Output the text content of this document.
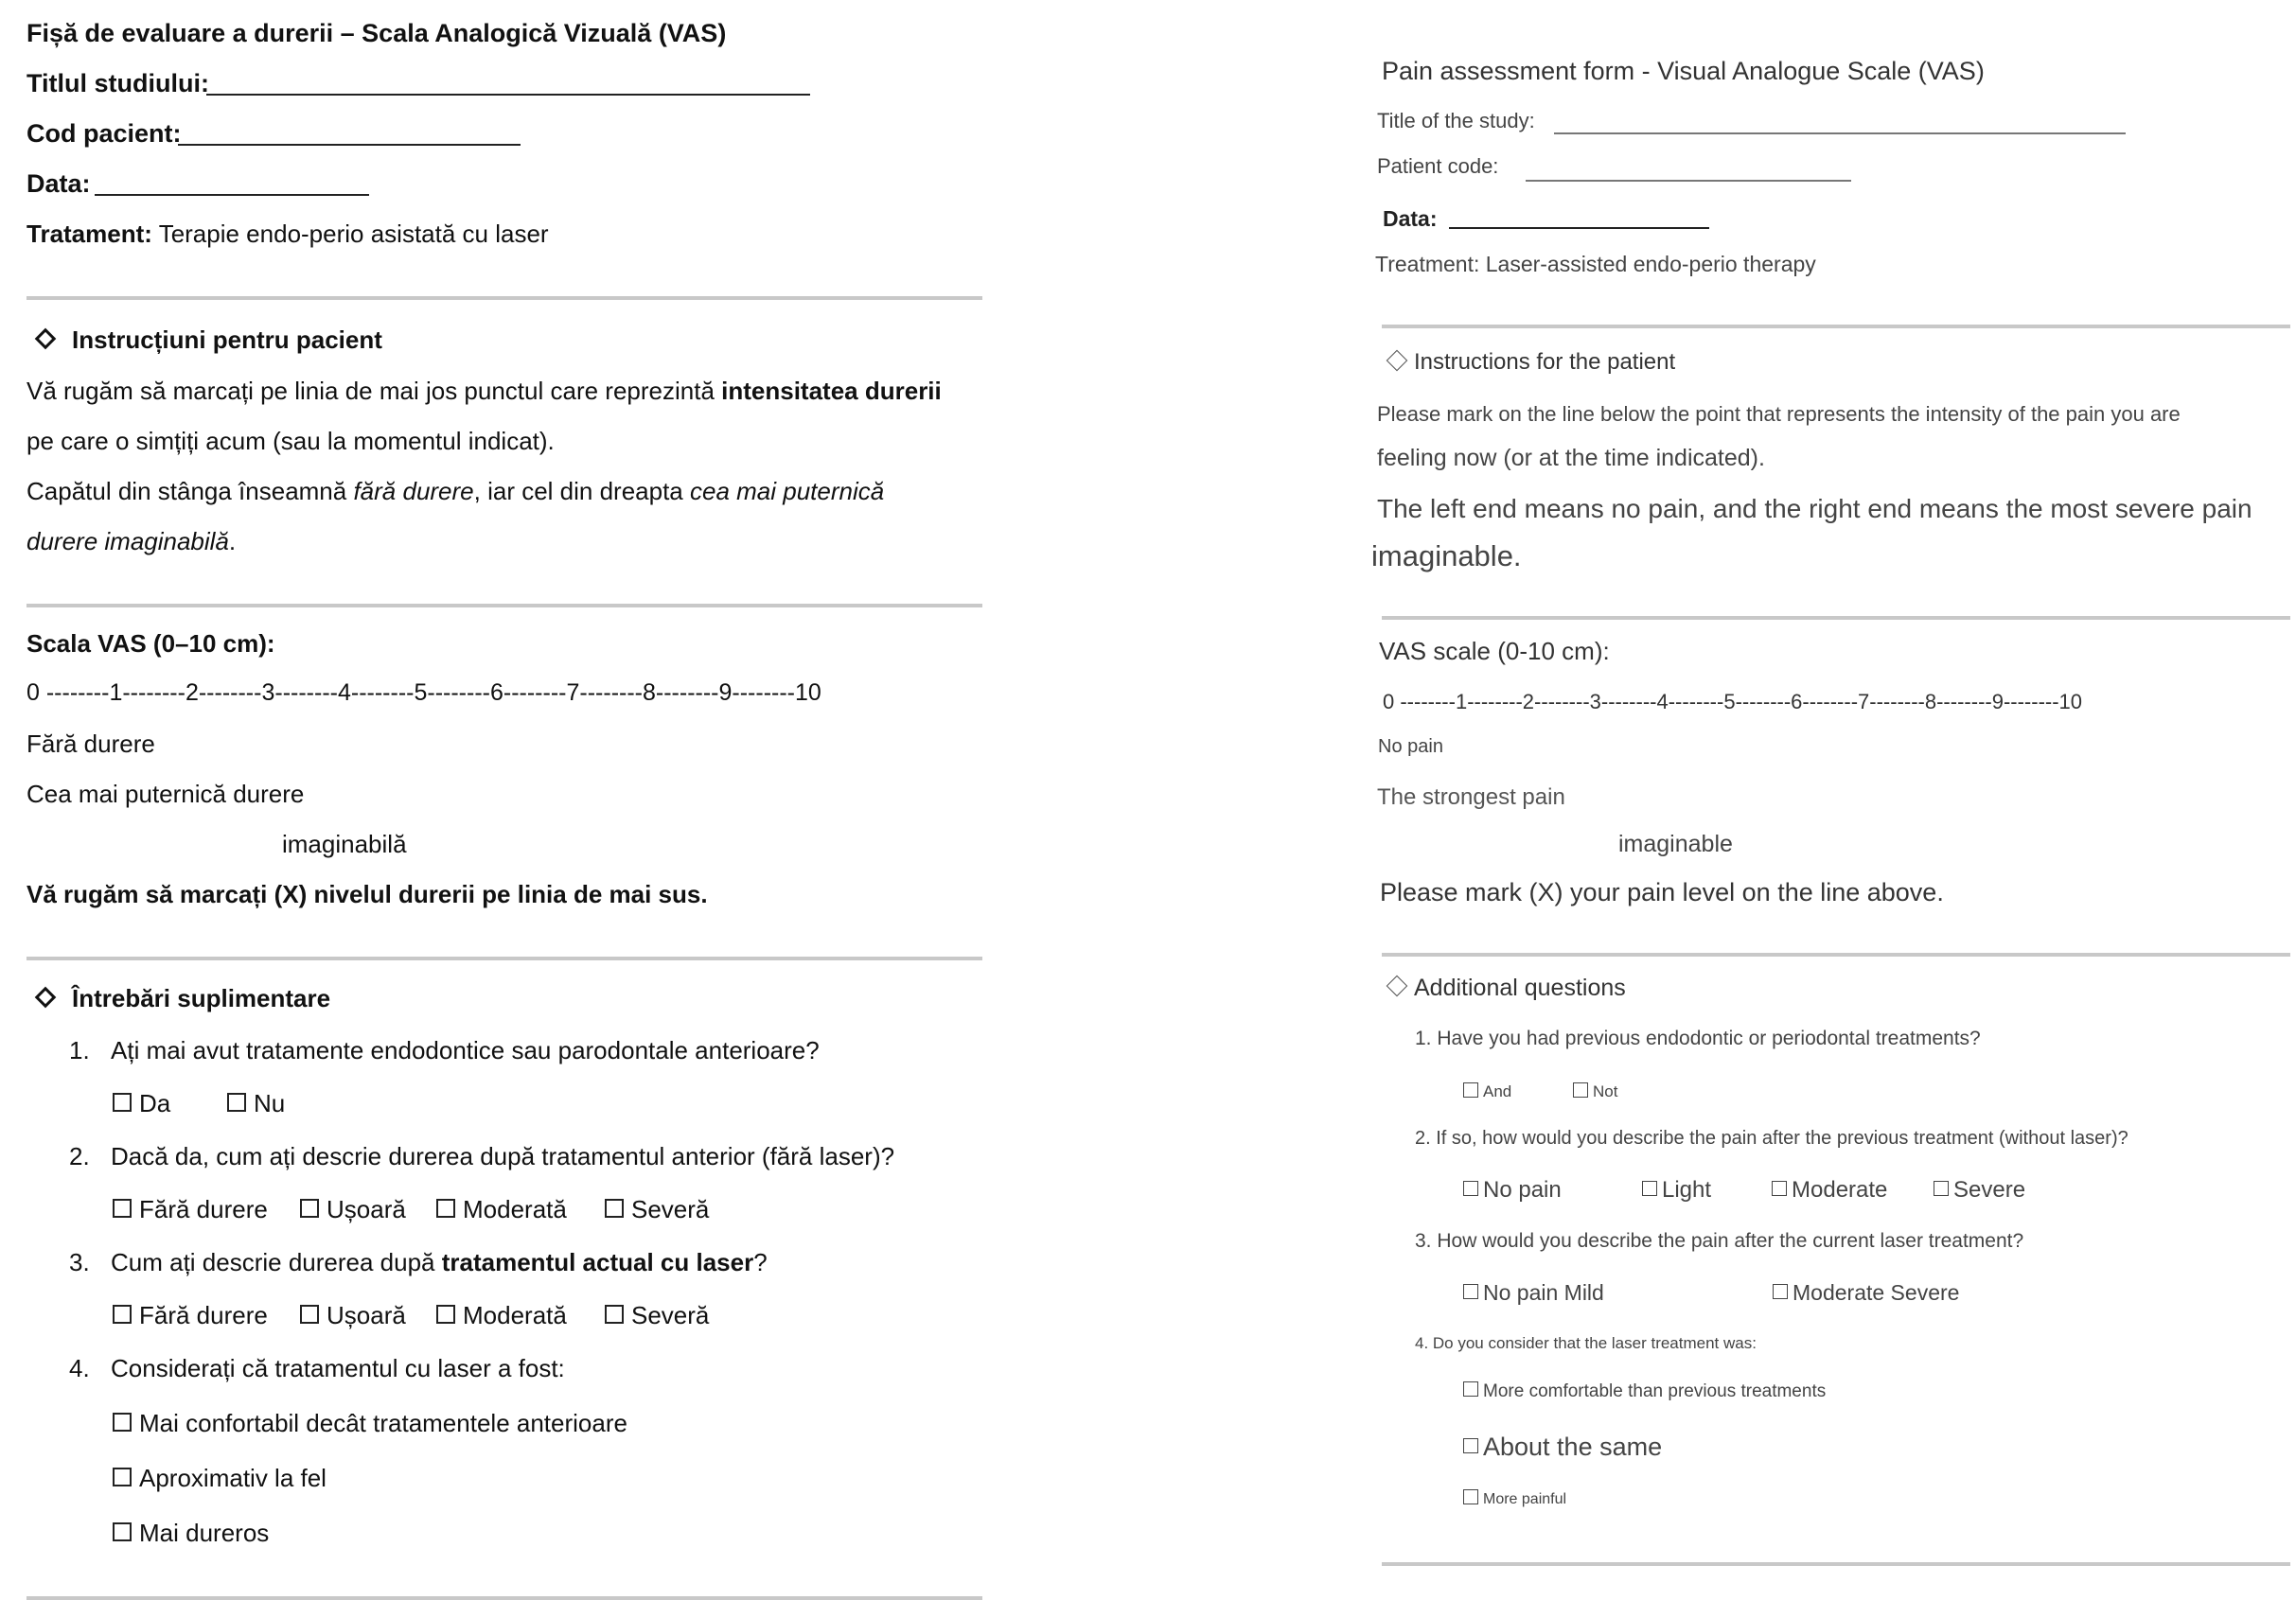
Fișă de evaluare a durerii – Scala Analogică Vizuală (VAS)
Titlul studiului:
Cod pacient:
Data:
Tratament: Terapie endo-perio asistată cu laser
Instrucțiuni pentru pacient
Vă rugăm să marcați pe linia de mai jos punctul care reprezintă intensitatea durerii
pe care o simțiți acum (sau la momentul indicat).
Capătul din stânga înseamnă fără durere, iar cel din dreapta cea mai puternică
durere imaginabilă.
Scala VAS (0–10 cm):
0 --------1--------2--------3--------4--------5--------6--------7--------8--------9--------10
Fără durere
Cea mai puternică durere
imaginabilă
Vă rugăm să marcați (X) nivelul durerii pe linia de mai sus.
Întrebări suplimentare
1. Ați mai avut tratamente endodontice sau parodontale anterioare?
Da	Nu
2. Dacă da, cum ați descrie durerea după tratamentul anterior (fără laser)?
Fără durere	Ușoară	Moderată	Severă
3. Cum ați descrie durerea după tratamentul actual cu laser?
Fără durere	Ușoară	Moderată	Severă
4. Considerați că tratamentul cu laser a fost:
Mai confortabil decât tratamentele anterioare
Aproximativ la fel
Mai dureros
Pain assessment form - Visual Analogue Scale (VAS)
Title of the study:
Patient code:
Data:
Treatment: Laser-assisted endo-perio therapy
Instructions for the patient
Please mark on the line below the point that represents the intensity of the pain you are
feeling now (or at the time indicated).
The left end means no pain, and the right end means the most severe pain
imaginable.
VAS scale (0-10 cm):
0 --------1--------2--------3--------4--------5--------6--------7--------8--------9--------10
No pain
The strongest pain
imaginable
Please mark (X) your pain level on the line above.
Additional questions
1. Have you had previous endodontic or periodontal treatments?
And	Not
2. If so, how would you describe the pain after the previous treatment (without laser)?
No pain	Light	Moderate	Severe
3. How would you describe the pain after the current laser treatment?
No pain Mild	Moderate Severe
4. Do you consider that the laser treatment was:
More comfortable than previous treatments
About the same
More painful
